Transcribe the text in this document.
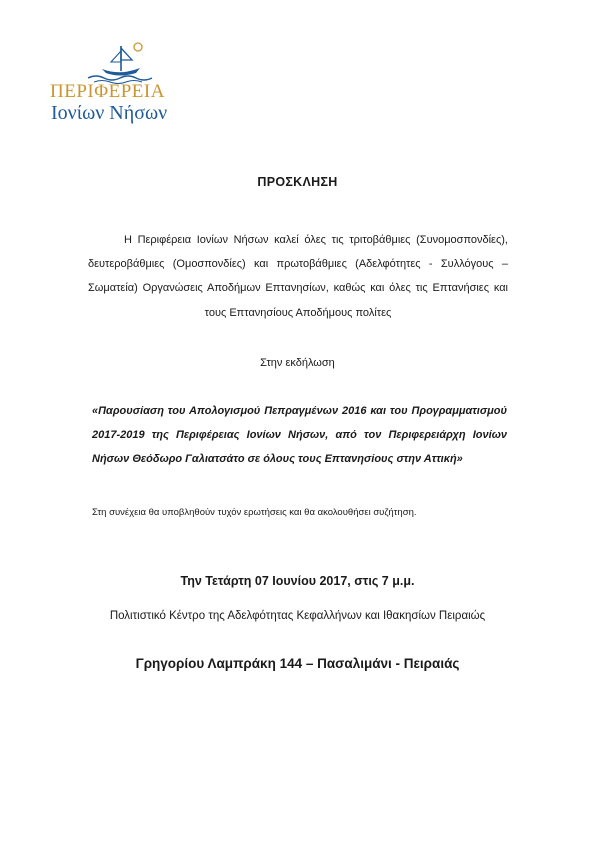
ΠΕΡΙΦΕΡΕΙΑ
Ιονίων Νήσων
ΠΡΟΣΚΛΗΣΗ

Η Περιφέρεια Ιονίων Νήσων καλεί όλες τις τριτοβάθμιες (Συνομοσπονδίες), δευτεροβάθμιες (Ομοσπονδίες) και πρωτοβάθμιες (Αδελφότητες - Συλλόγους – Σωματεία) Οργανώσεις Αποδήμων Επτανησίων, καθώς και όλες τις Επτανήσιες και τους Επτανησίους Αποδήμους πολίτες

Στην εκδήλωση

«Παρουσίαση του Απολογισμού Πεπραγμένων 2016 και του Προγραμματισμού 2017-2019 της Περιφέρειας Ιονίων Νήσων, από τον Περιφερειάρχη Ιονίων Νήσων Θεόδωρο Γαλιατσάτο σε όλους τους Επτανησίους στην Αττική»

Στη συνέχεια θα υποβληθούν τυχόν ερωτήσεις και θα ακολουθήσει συζήτηση.

Την Τετάρτη 07 Ιουνίου 2017, στις 7 μ.μ.

Πολιτιστικό Κέντρο της Αδελφότητας Κεφαλλήνων και Ιθακησίων Πειραιώς

Γρηγορίου Λαμπράκη 144 – Πασαλιμάνι - Πειραιάς
